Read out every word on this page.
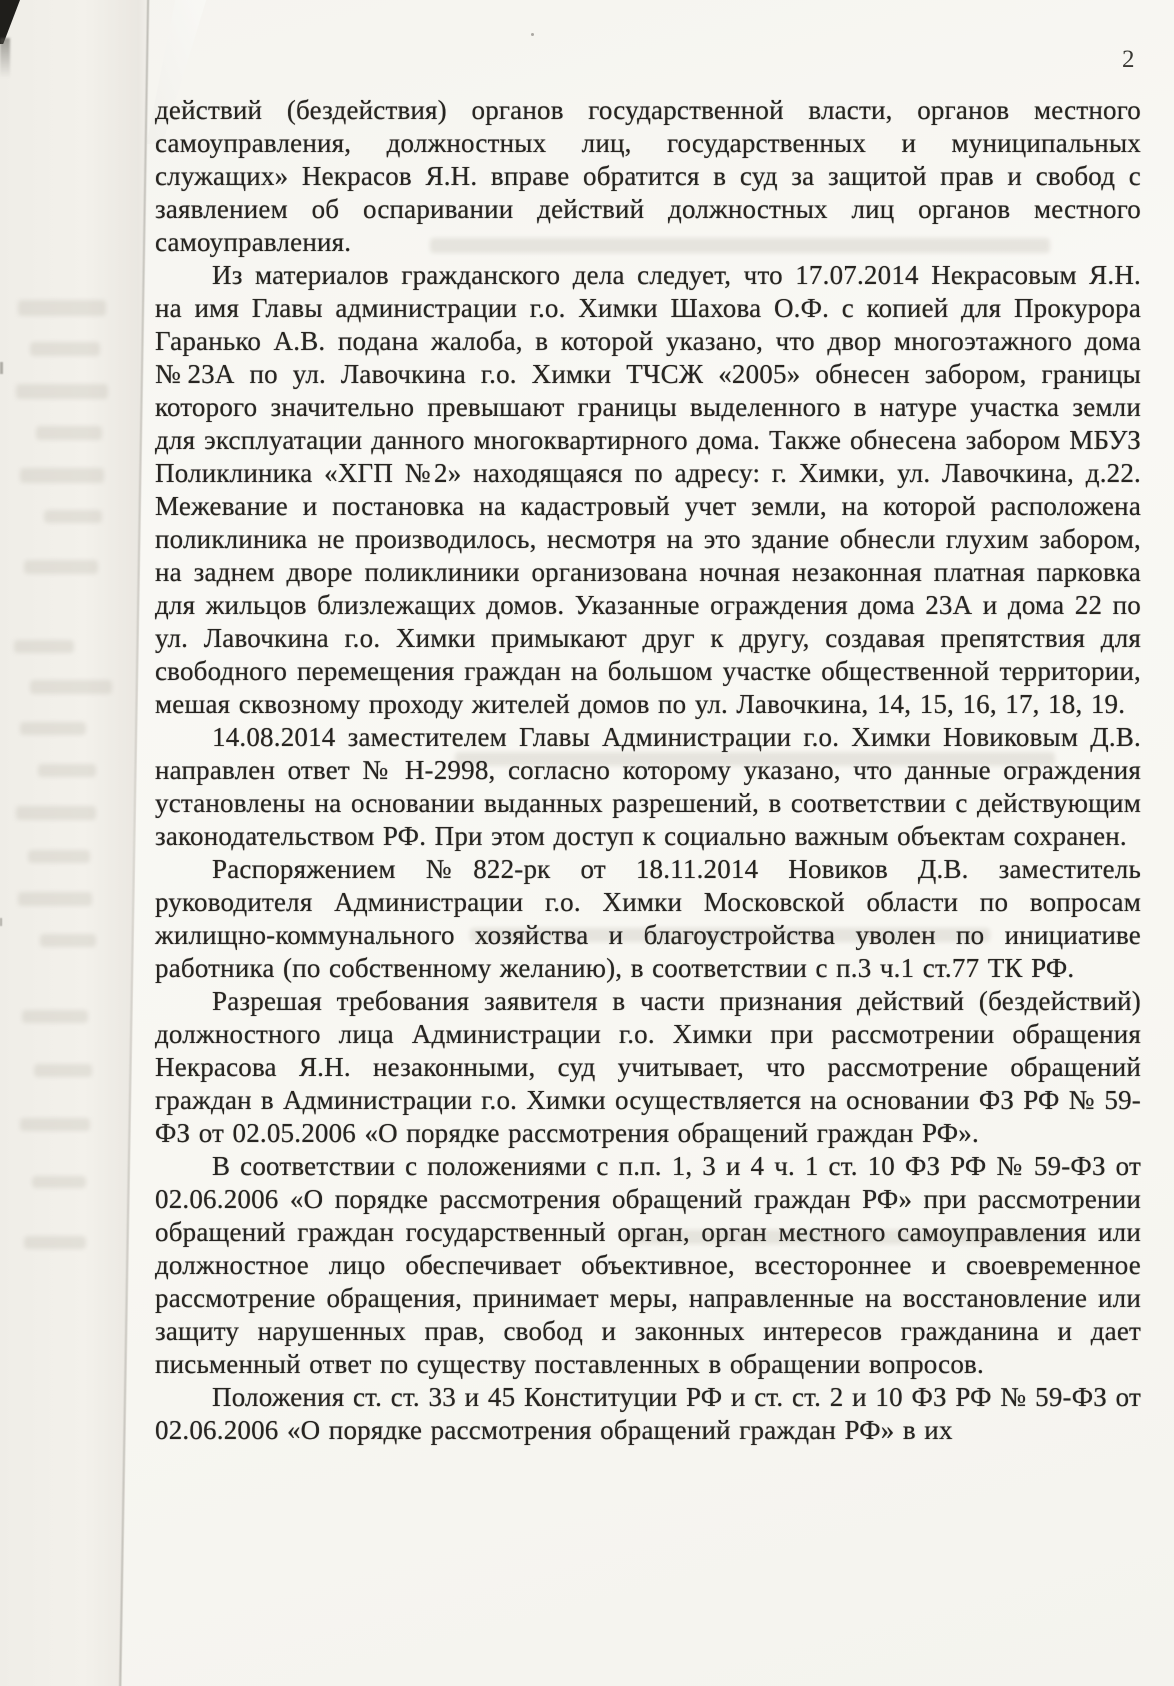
2

действий (бездействия) органов государственной власти, органов местного самоуправления, должностных лиц, государственных и муниципальных служащих» Некрасов Я.Н. вправе обратится в суд за защитой прав и свобод с заявлением об оспаривании действий должностных лиц органов местного самоуправления.

Из материалов гражданского дела следует, что 17.07.2014 Некрасовым Я.Н. на имя Главы администрации г.о. Химки Шахова О.Ф. с копией для Прокурора Гаранько А.В. подана жалоба, в которой указано, что двор многоэтажного дома №23А по ул. Лавочкина г.о. Химки ТЧСЖ «2005» обнесен забором, границы которого значительно превышают границы выделенного в натуре участка земли для эксплуатации данного многоквартирного дома. Также обнесена забором МБУЗ Поликлиника «ХГП №2» находящаяся по адресу: г. Химки, ул. Лавочкина, д.22. Межевание и постановка на кадастровый учет земли, на которой расположена поликлиника не производилось, несмотря на это здание обнесли глухим забором, на заднем дворе поликлиники организована ночная незаконная платная парковка для жильцов близлежащих домов. Указанные ограждения дома 23А и дома 22 по ул. Лавочкина г.о. Химки примыкают друг к другу, создавая препятствия для свободного перемещения граждан на большом участке общественной территории, мешая сквозному проходу жителей домов по ул. Лавочкина, 14, 15, 16, 17, 18, 19.

14.08.2014 заместителем Главы Администрации г.о. Химки Новиковым Д.В. направлен ответ № Н-2998, согласно которому указано, что данные ограждения установлены на основании выданных разрешений, в соответствии с действующим законодательством РФ. При этом доступ к социально важным объектам сохранен.

Распоряжением №822-рк от 18.11.2014 Новиков Д.В. заместитель руководителя Администрации г.о. Химки Московской области по вопросам жилищно-коммунального хозяйства и благоустройства уволен по инициативе работника (по собственному желанию), в соответствии с п.3 ч.1 ст.77 ТК РФ.

Разрешая требования заявителя в части признания действий (бездействий) должностного лица Администрации г.о. Химки при рассмотрении обращения Некрасова Я.Н. незаконными, суд учитывает, что рассмотрение обращений граждан в Администрации г.о. Химки осуществляется на основании ФЗ РФ № 59-ФЗ от 02.05.2006 «О порядке рассмотрения обращений граждан РФ».

В соответствии с положениями с п.п. 1, 3 и 4 ч. 1 ст. 10 ФЗ РФ № 59-ФЗ от 02.06.2006 «О порядке рассмотрения обращений граждан РФ» при рассмотрении обращений граждан государственный орган, орган местного самоуправления или должностное лицо обеспечивает объективное, всестороннее и своевременное рассмотрение обращения, принимает меры, направленные на восстановление или защиту нарушенных прав, свобод и законных интересов гражданина и дает письменный ответ по существу поставленных в обращении вопросов.

Положения ст. ст. 33 и 45 Конституции РФ и ст. ст. 2 и 10 ФЗ РФ № 59-ФЗ от 02.06.2006 «О порядке рассмотрения обращений граждан РФ» в их
